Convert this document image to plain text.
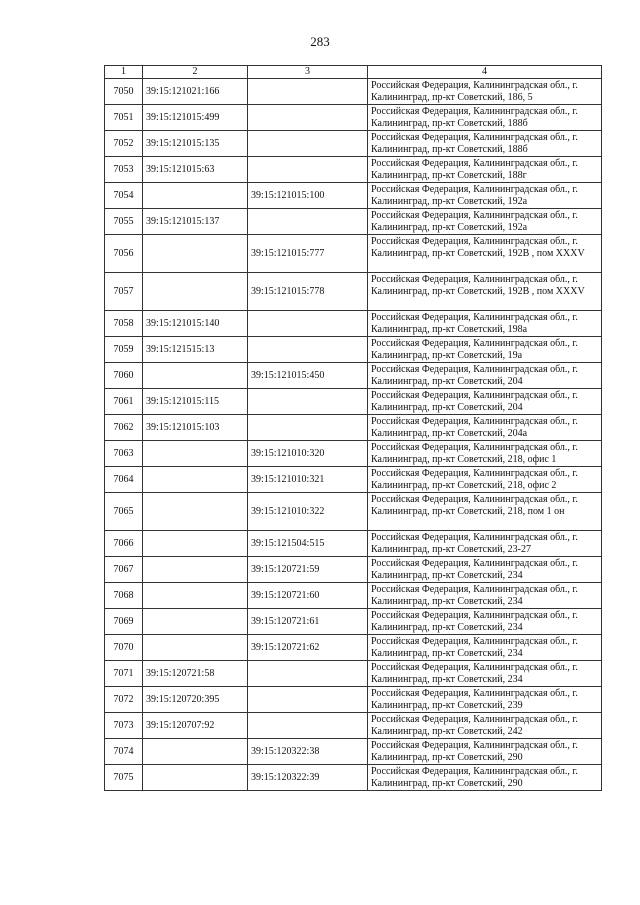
283
1	2	3	4
7050	39:15:121021:166		Российская Федерация, Калининградская обл., г. Калининград, пр-кт Советский, 186, 5
7051	39:15:121015:499		Российская Федерация, Калининградская обл., г. Калининград, пр-кт Советский, 188б
7052	39:15:121015:135		Российская Федерация, Калининградская обл., г. Калининград, пр-кт Советский, 188б
7053	39:15:121015:63		Российская Федерация, Калининградская обл., г. Калининград, пр-кт Советский, 188г
7054		39:15:121015:100	Российская Федерация, Калининградская обл., г. Калининград, пр-кт Советский, 192а
7055	39:15:121015:137		Российская Федерация, Калининградская обл., г. Калининград, пр-кт Советский, 192а
7056		39:15:121015:777	Российская Федерация, Калининградская обл., г. Калининград, пр-кт Советский, 192В , пом XXXV
7057		39:15:121015:778	Российская Федерация, Калининградская обл., г. Калининград, пр-кт Советский, 192В , пом XXXV
7058	39:15:121015:140		Российская Федерация, Калининградская обл., г. Калининград, пр-кт Советский, 198а
7059	39:15:121515:13		Российская Федерация, Калининградская обл., г. Калининград, пр-кт Советский, 19а
7060		39:15:121015:450	Российская Федерация, Калининградская обл., г. Калининград, пр-кт Советский, 204
7061	39:15:121015:115		Российская Федерация, Калининградская обл., г. Калининград, пр-кт Советский, 204
7062	39:15:121015:103		Российская Федерация, Калининградская обл., г. Калининград, пр-кт Советский, 204а
7063		39:15:121010:320	Российская Федерация, Калининградская обл., г. Калининград, пр-кт Советский, 218, офис 1
7064		39:15:121010:321	Российская Федерация, Калининградская обл., г. Калининград, пр-кт Советский, 218, офис 2
7065		39:15:121010:322	Российская Федерация, Калининградская обл., г. Калининград, пр-кт Советский, 218, пом 1 он
7066		39:15:121504:515	Российская Федерация, Калининградская обл., г. Калининград, пр-кт Советский, 23-27
7067		39:15:120721:59	Российская Федерация, Калининградская обл., г. Калининград, пр-кт Советский, 234
7068		39:15:120721:60	Российская Федерация, Калининградская обл., г. Калининград, пр-кт Советский, 234
7069		39:15:120721:61	Российская Федерация, Калининградская обл., г. Калининград, пр-кт Советский, 234
7070		39:15:120721:62	Российская Федерация, Калининградская обл., г. Калининград, пр-кт Советский, 234
7071	39:15:120721:58		Российская Федерация, Калининградская обл., г. Калининград, пр-кт Советский, 234
7072	39:15:120720:395		Российская Федерация, Калининградская обл., г. Калининград, пр-кт Советский, 239
7073	39:15:120707:92		Российская Федерация, Калининградская обл., г. Калининград, пр-кт Советский, 242
7074		39:15:120322:38	Российская Федерация, Калининградская обл., г. Калининград, пр-кт Советский, 290
7075		39:15:120322:39	Российская Федерация, Калининградская обл., г. Калининград, пр-кт Советский, 290
